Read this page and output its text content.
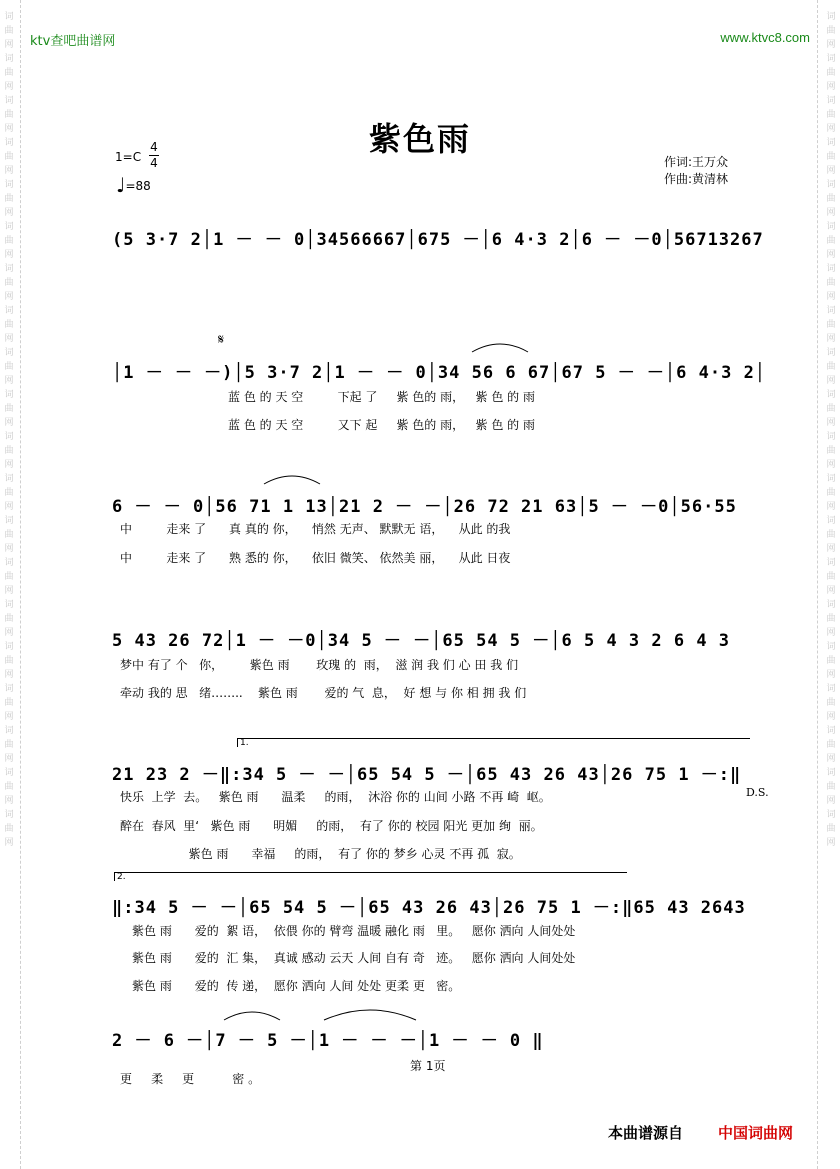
词曲网词曲网词曲网词曲网词曲网词曲网词曲网词曲网词曲网词曲网词曲网词曲网词曲网词曲网词曲网词曲网词曲网词曲网词曲网词曲网
词曲网词曲网词曲网词曲网词曲网词曲网词曲网词曲网词曲网词曲网词曲网词曲网词曲网词曲网词曲网词曲网词曲网词曲网词曲网词曲网
ktv查吧曲谱网	www.ktvc8.com
紫色雨
1=C
4
4
♩=88
作词:王万众
作曲:黄清林
(5 3·7 2│1 － － 0│34566667│675 －│6 4·3 2│6 － －0│56713267
𝄋
│1 － － －)│5 3·7 2│1 － － 0│34 56 6 67│67 5 － －│6 4·3 2│
蓝 色 的 天 空         下起 了     紫 色的 雨，   紫 色 的 雨
蓝 色 的 天 空         又下 起     紫 色的 雨，   紫 色 的 雨
6 － － 0│56 71 1 13│21 2 － －│26 72 21 63│5 － －0│56·55
中         走来 了      真 真的 你，    悄然 无声、 默默无 语，    从此 的我
中         走来 了      熟 悉的 你，    依旧 微笑、 依然美 丽，    从此 日夜
5 43 26 72│1 － －0│34 5 － －│65 54 5 －│6 5 4 3 2 6 4 3
梦中 有了 个   你，       紫色 雨       玫瑰 的  雨，  滋 润 我 们 心 田 我 们
牵动 我的 思   绪……..    紫色 雨       爱的 气  息，  好 想 与 你 相 拥 我 们
1.
21 23 2 －‖:34 5 － －│65 54 5 －│65 43 26 43│26 75 1 －:‖
D.S.
快乐  上学  去。   紫色 雨      温柔     的雨，  沐浴 你的 山间 小路 不再 崎  岖。
醉在  春风  里‘   紫色 雨      明媚     的雨，  有了 你的 校园 阳光 更加 绚  丽。
紫色 雨      幸福     的雨，  有了 你的 梦乡 心灵 不再 孤  寂。
2.
‖:34 5 － －│65 54 5 －│65 43 26 43│26 75 1 －:‖65 43 2643
紫色 雨      爱的  絮 语，  依偎 你的 臂弯 温暖 融化 雨   里。   愿你 洒向 人间处处
紫色 雨      爱的  汇 集，  真诚 感动 云天 人间 自有 奇   迹。   愿你 洒向 人间处处
紫色 雨      爱的  传 递，  愿你 洒向 人间 处处 更柔 更   密。
2 － 6 －│7 － 5 －│1 － － －│1 － － 0 ‖
更     柔     更          密 。
第 1页
本曲谱源自 中国词曲网
